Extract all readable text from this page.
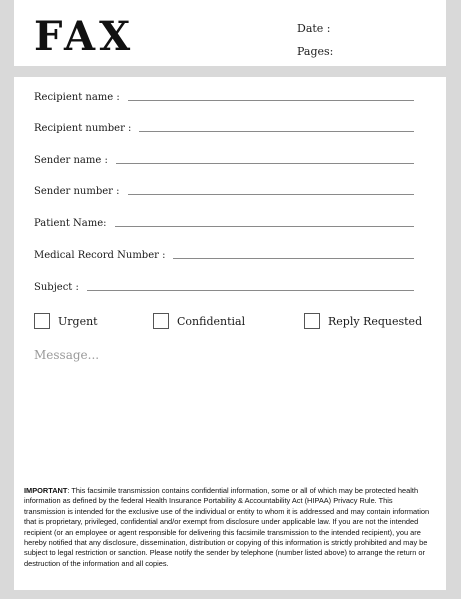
FAX	Date :
Pages:
Recipient name :
Recipient number :
Sender name :
Sender number :
Patient Name:
Medical Record Number :
Subject :
Urgent	Confidential	Reply Requested
Message...
IMPORTANT: This facsimile transmission contains confidential information, some or all of which may be protected health information as defined by the federal Health Insurance Portability & Accountability Act (HIPAA) Privacy Rule. This transmission is intended for the exclusive use of the individual or entity to whom it is addressed and may contain information that is proprietary, privileged, confidential and/or exempt from disclosure under applicable law. If you are not the intended recipient (or an employee or agent responsible for delivering this facsimile transmission to the intended recipient), you are hereby notified that any disclosure, dissemination, distribution or copying of this information is strictly prohibited and may be subject to legal restriction or sanction. Please notify the sender by telephone (number listed above) to arrange the return or destruction of the information and all copies.
